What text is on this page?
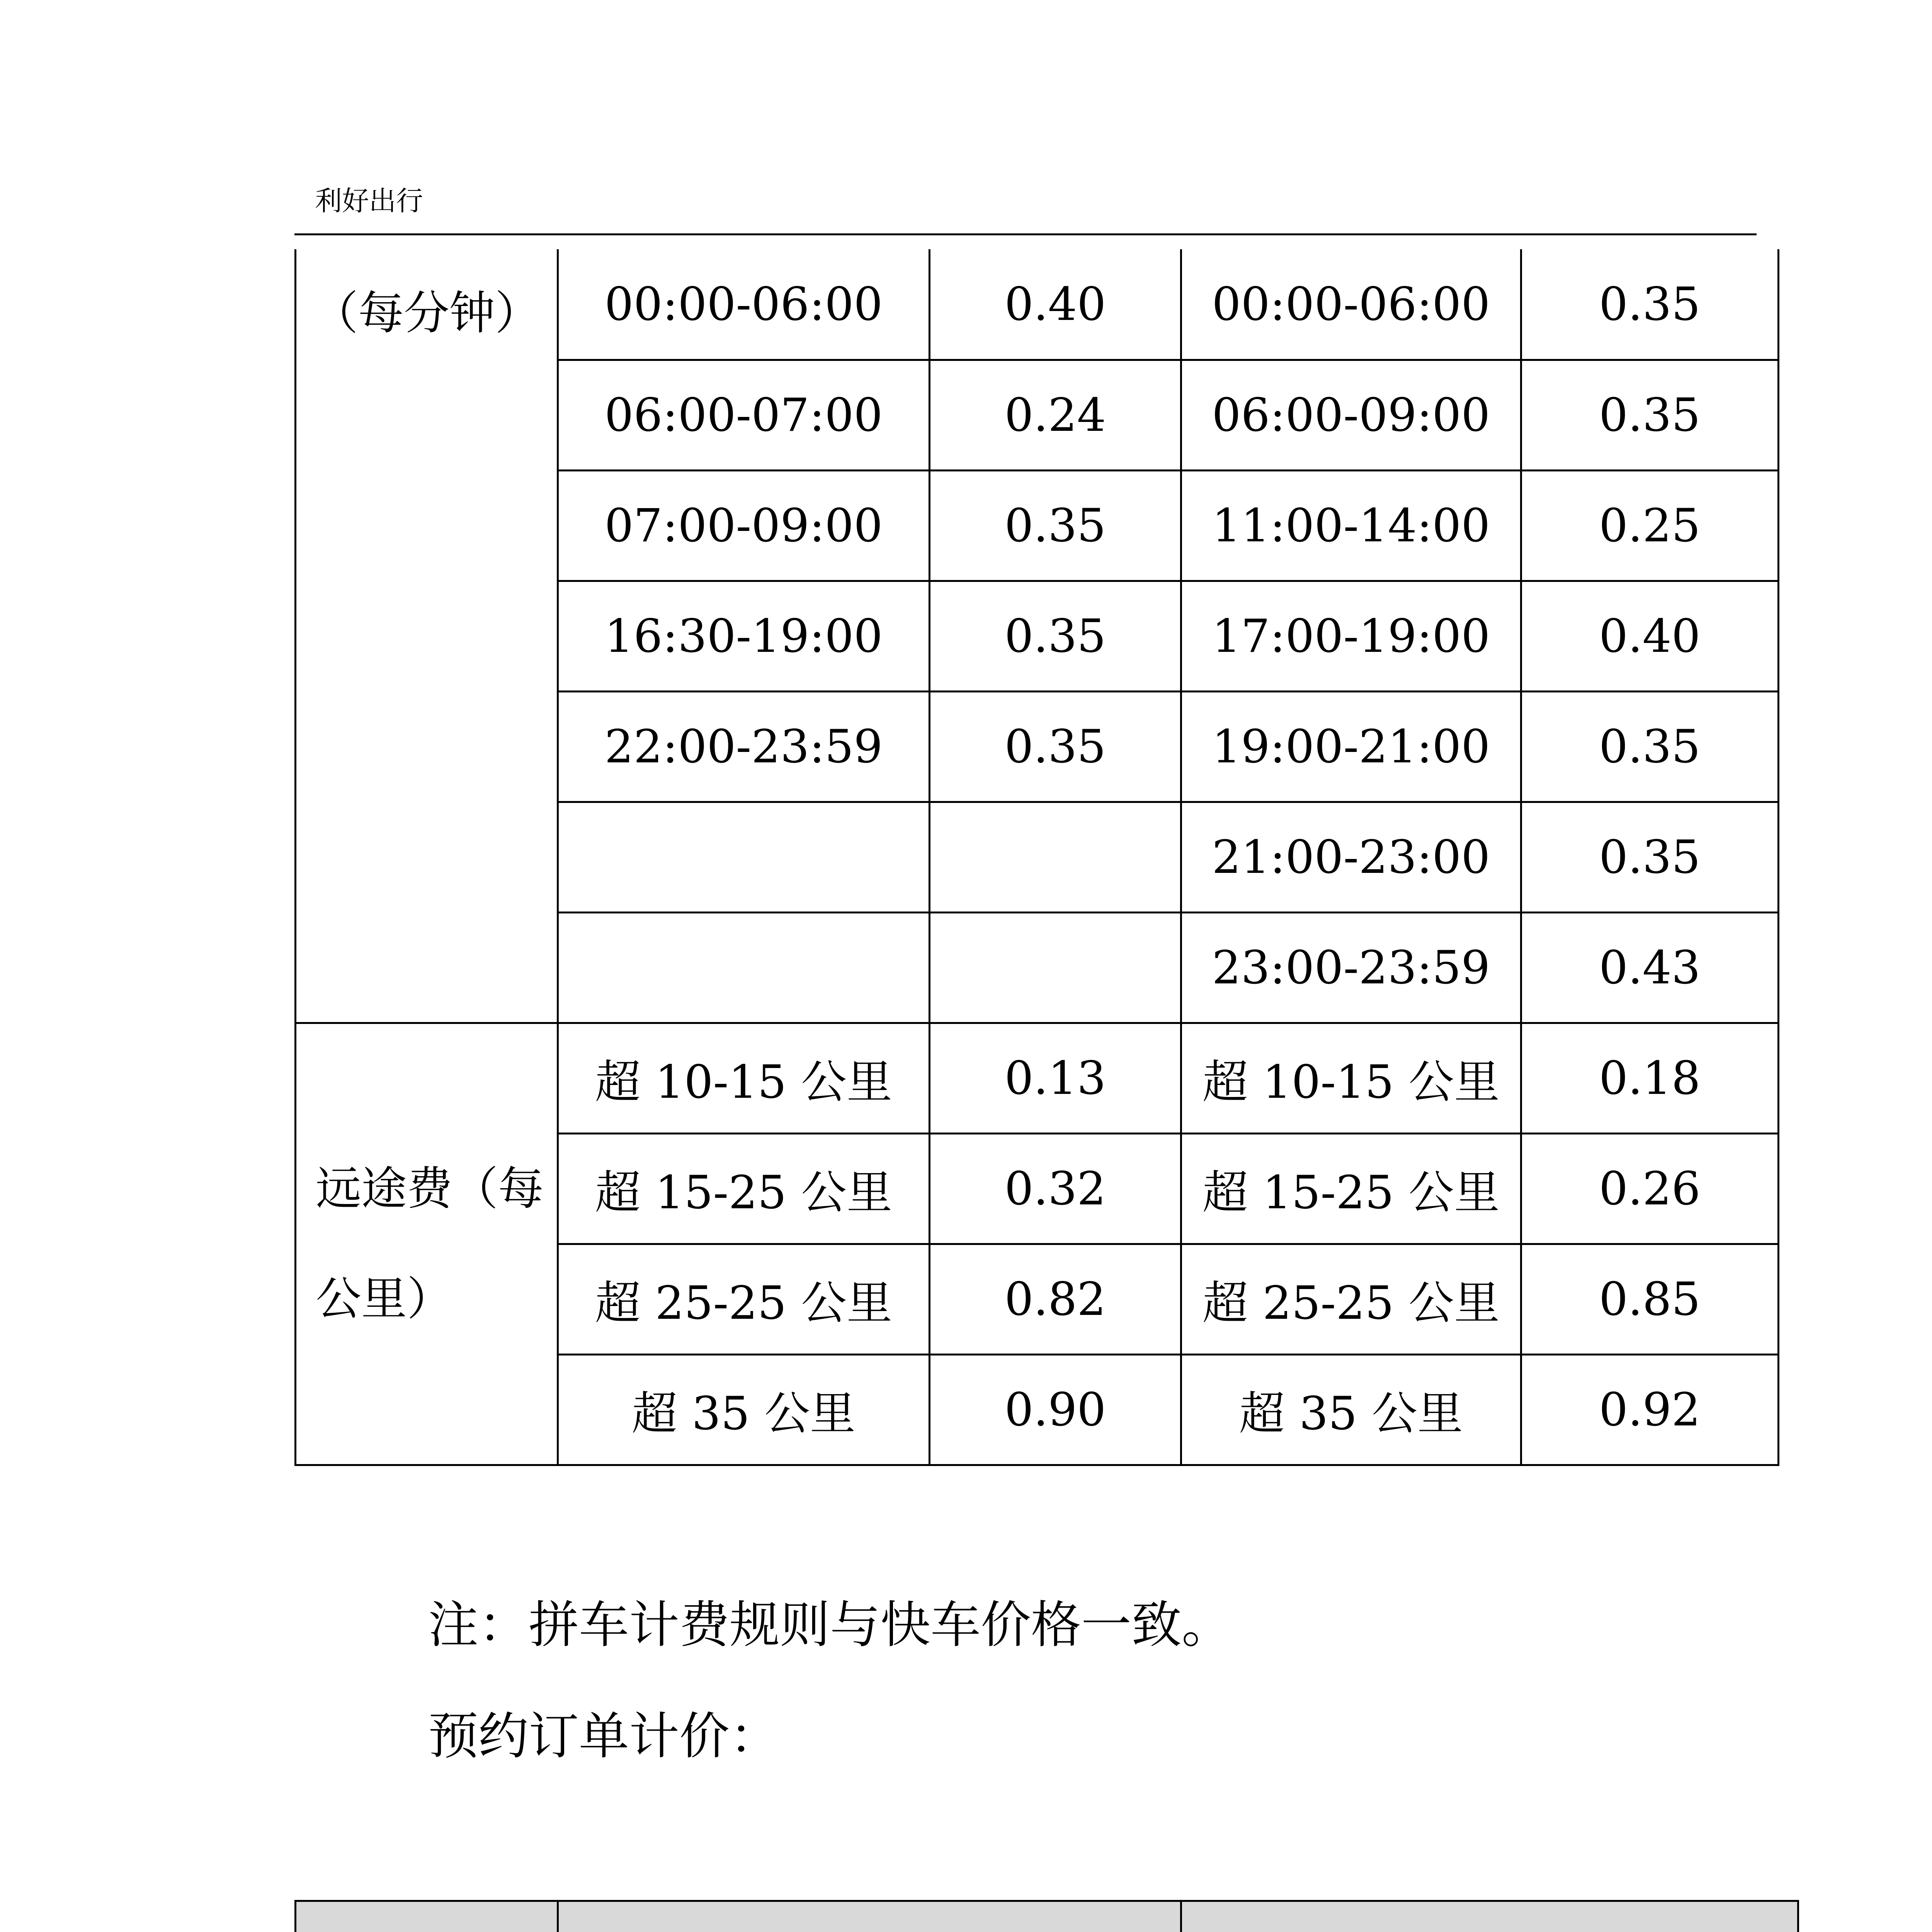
利好出行
（每分钟）	00:00-06:00	0.40	00:00-06:00	0.35
	06:00-07:00	0.24	06:00-09:00	0.35
	07:00-09:00	0.35	11:00-14:00	0.25
	16:30-19:00	0.35	17:00-19:00	0.40
	22:00-23:59	0.35	19:00-21:00	0.35
			21:00-23:00	0.35
			23:00-23:59	0.43
远途费（每公里）	超 10-15 公里	0.13	超 10-15 公里	0.18
	超 15-25 公里	0.32	超 15-25 公里	0.26
	超 25-25 公里	0.82	超 25-25 公里	0.85
	超 35 公里	0.90	超 35 公里	0.92
注：拼车计费规则与快车价格一致。
预约订单计价：
